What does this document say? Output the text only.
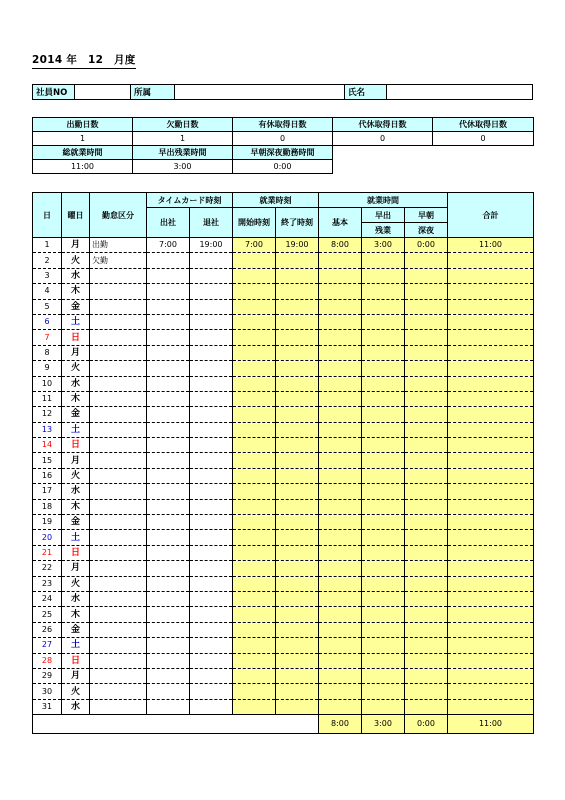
2014 年　12　月度
社員NO		所属		氏名	
出勤日数	欠勤日数	有休取得日数	代休取得日数	代休取得日数
1	1	0	0	0
総就業時間	早出残業時間	早朝深夜勤務時間		
11:00	3:00	0:00		
日	曜日	勤怠区分	タイムカード時刻		就業時刻		就業時間			合計
			出社	退社	開始時刻	終了時刻	基本	早出	早朝	
								残業	深夜	
1	月	出勤	7:00	19:00	7:00	19:00	8:00	3:00	0:00	11:00
2	火	欠勤								
3	水									
4	木									
5	金									
6	土									
7	日									
8	月									
9	火									
10	水									
11	木									
12	金									
13	土									
14	日									
15	月									
16	火									
17	水									
18	木									
19	金									
20	土									
21	日									
22	月									
23	火									
24	水									
25	木									
26	金									
27	土									
28	日									
29	月									
30	火									
31	水									
							8:00	3:00	0:00	11:00
